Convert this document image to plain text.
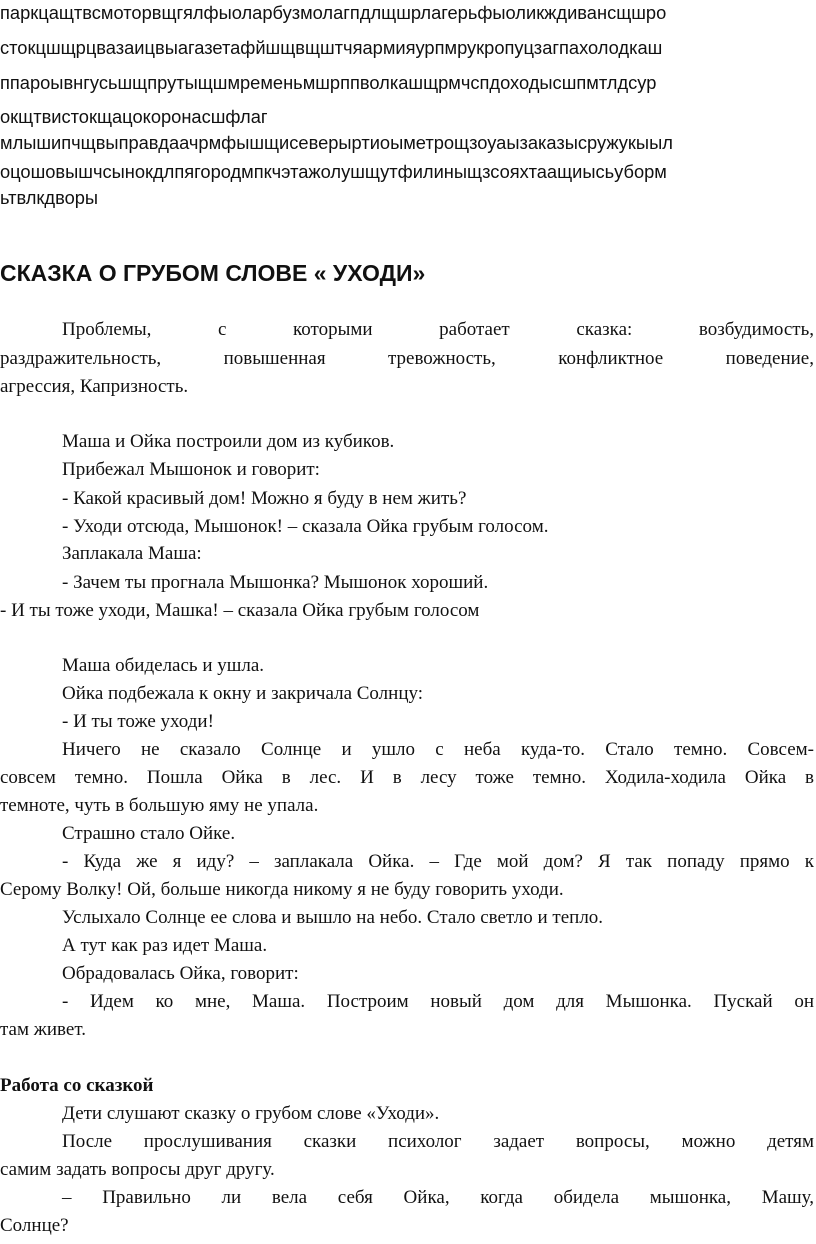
паркцащтвсмоторвщгялфыоларбузмолагпдлщшрлагерьфыоликждивансщшро

стокцшщрцвазаицвыагазетафйшщвщштчяармияурпмрукропуцзагпахолодкаш

ппароывнгусьшщпрутыщшмременьмшрппволкашщрмчспдоходысшпмтлдсур

окщтвистокщацокоронасшфлаг

млышипчщвыправдаачрмфышщисеверыртиоыметрощзоуаызаказысружукыыл

оцошовышчсынокдлпягородмпкчэтажолушщутфилиныщзсояхтаащиысьуборм

ьтвлкдворы

СКАЗКА О ГРУБОМ СЛОВЕ « УХОДИ»

Проблемы, с которыми работает сказка: возбудимость,

раздражительность, повышенная тревожность, конфликтное поведение,

агрессия, Капризность.

Маша и Ойка построили дом из кубиков.

Прибежал Мышонок и говорит:

- Какой красивый дом! Можно я буду в нем жить?

- Уходи отсюда, Мышонок! – сказала Ойка грубым голосом.

Заплакала Маша:

- Зачем ты прогнала Мышонка? Мышонок хороший.

- И ты тоже уходи, Машка! – сказала Ойка грубым голосом

Маша обиделась и ушла.

Ойка подбежала к окну и закричала Солнцу:

- И ты тоже уходи!

Ничего не сказало Солнце и ушло с неба куда-то. Стало темно. Совсем-

совсем темно. Пошла Ойка в лес. И в лесу тоже темно. Ходила-ходила Ойка в

темноте, чуть в большую яму не упала.

Страшно стало Ойке.

- Куда же я иду? – заплакала Ойка. – Где мой дом? Я так попаду прямо к

Серому Волку! Ой, больше никогда никому я не буду говорить уходи.

Услыхало Солнце ее слова и вышло на небо. Стало светло и тепло.

А тут как раз идет Маша.

Обрадовалась Ойка, говорит:

- Идем ко мне, Маша. Построим новый дом для Мышонка. Пускай он

там живет.

Работа со сказкой

Дети слушают сказку о грубом слове «Уходи».

После прослушивания сказки психолог задает вопросы, можно детям

самим задать вопросы друг другу.

– Правильно ли вела себя Ойка, когда обидела мышонка, Машу,

Солнце?
